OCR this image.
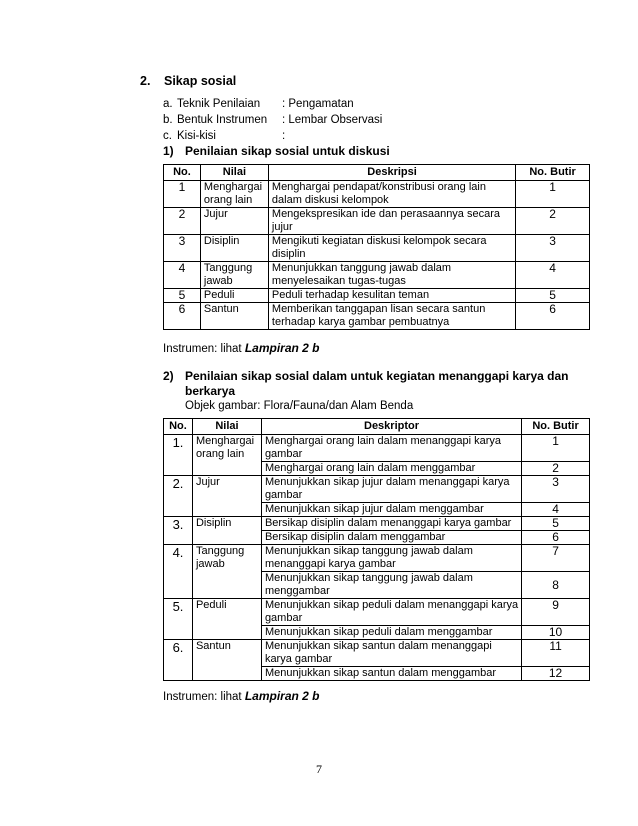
2. Sikap sosial
a. Teknik Penilaian : Pengamatan
b. Bentuk Instrumen : Lembar Observasi
c. Kisi-kisi	:
1) Penilaian sikap sosial untuk diskusi
No.	Nilai	Deskripsi	No. Butir
1	Menghargai orang lain	Menghargai pendapat/konstribusi orang lain dalam diskusi kelompok	1
2	Jujur	Mengekspresikan ide dan perasaannya secara jujur	2
3	Disiplin	Mengikuti kegiatan diskusi kelompok secara disiplin	3
4	Tanggung jawab	Menunjukkan tanggung jawab dalam menyelesaikan tugas-tugas	4
5	Peduli	Peduli terhadap kesulitan teman	5
6	Santun	Memberikan tanggapan lisan secara santun terhadap karya gambar pembuatnya	6
Instrumen: lihat Lampiran 2 b
2) Penilaian sikap sosial dalam untuk kegiatan menanggapi karya dan berkarya
Objek gambar: Flora/Fauna/dan Alam Benda
No.	Nilai	Deskriptor	No. Butir
1.	Menghargai orang lain	Menghargai orang lain dalam menanggapi karya gambar	1
		Menghargai orang lain dalam menggambar	2
2.	Jujur	Menunjukkan sikap jujur dalam menanggapi karya gambar	3
		Menunjukkan sikap jujur dalam menggambar	4
3.	Disiplin	Bersikap disiplin dalam menanggapi karya gambar	5
		Bersikap disiplin dalam menggambar	6
4.	Tanggung jawab	Menunjukkan sikap tanggung jawab dalam menanggapi karya gambar	7
		Menunjukkan sikap tanggung jawab dalam menggambar	8
5.	Peduli	Menunjukkan sikap peduli dalam menanggapi karya gambar	9
		Menunjukkan sikap peduli dalam menggambar	10
6.	Santun	Menunjukkan sikap santun dalam menanggapi karya gambar	11
		Menunjukkan sikap santun dalam menggambar	12
Instrumen: lihat Lampiran 2 b
7
